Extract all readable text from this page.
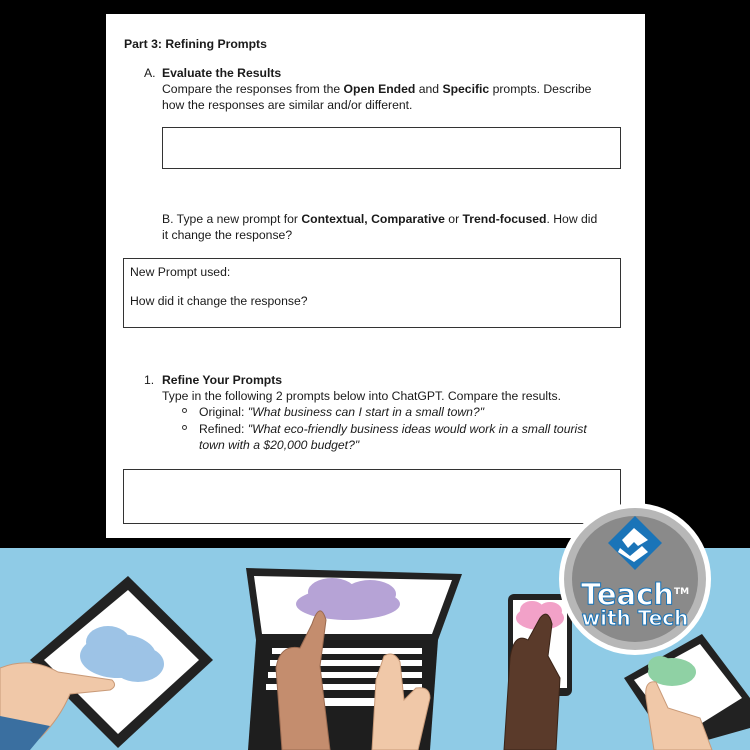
Part 3: Refining Prompts
A. Evaluate the Results
Compare the responses from the Open Ended and Specific prompts. Describe
how the responses are similar and/or different.
B. Type a new prompt for Contextual, Comparative or Trend-focused. How did
it change the response?
New Prompt used:
How did it change the response?
1. Refine Your Prompts
Type in the following 2 prompts below into ChatGPT. Compare the results.
Original: "What business can I start in a small town?"
Refined: "What eco-friendly business ideas would work in a small tourist
town with a $20,000 budget?"
Teach™
with Tech
